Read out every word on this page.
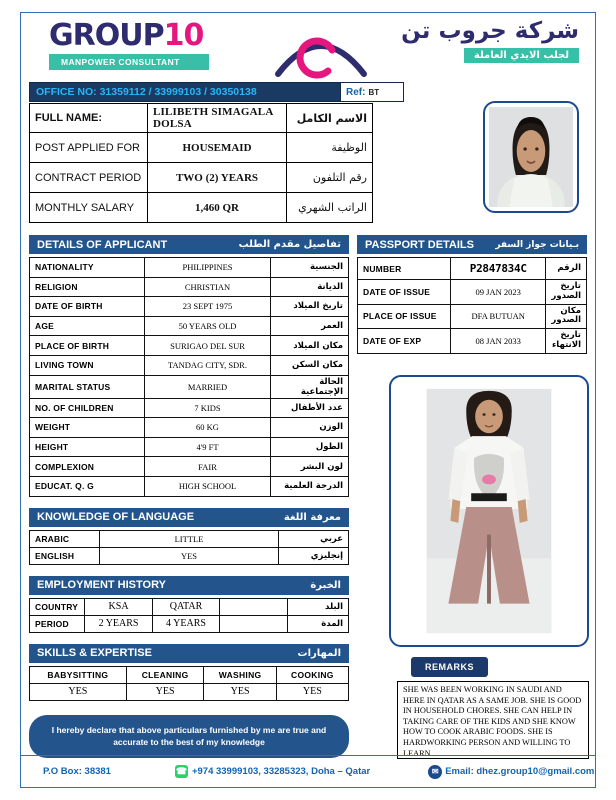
GROUP10
MANPOWER CONSULTANT
شركة جروب تن
لجلب الايدي العاملة
OFFICE NO: 31359112 / 33999103 / 30350138	Ref: BT
FULL NAME:	LILIBETH SIMAGALA DOLSA	الاسم الكامل
POST APPLIED FOR	HOUSEMAID	الوظيفة
CONTRACT PERIOD	TWO (2) YEARS	رقم التلفون
MONTHLY SALARY	1,460 QR	الراتب الشهري
DETAILS OF APPLICANT	تفاصيل مقدم الطلب
NATIONALITY	PHILIPPINES	الجنسية
RELIGION	CHRISTIAN	الديانة
DATE OF BIRTH	23 SEPT 1975	تاريخ الميلاد
AGE	50 YEARS OLD	العمر
PLACE OF BIRTH	SURIGAO DEL SUR	مكان الميلاد
LIVING TOWN	TANDAG CITY, SDR.	مكان السكن
MARITAL STATUS	MARRIED	الحالة الإجتماعية
NO. OF CHILDREN	7 KIDS	عدد الأطفال
WEIGHT	60 KG	الوزن
HEIGHT	4'9 FT	الطول
COMPLEXION	FAIR	لون البشر
EDUCAT. Q. G	HIGH SCHOOL	الدرجة العلمية
KNOWLEDGE OF LANGUAGE	معرفة اللغة
ARABIC	LITTLE	عربي
ENGLISH	YES	إنجليزي
EMPLOYMENT HISTORY	الخبرة
COUNTRY	KSA	QATAR		البلد
PERIOD	2 YEARS	4 YEARS		المدة
SKILLS & EXPERTISE	المهارات
BABYSITTING	CLEANING	WASHING	COOKING
YES	YES	YES	YES
I hereby declare that above particulars furnished by me are true and accurate to the best of my knowledge
PASSPORT DETAILS بـيانات جواز السفر
NUMBER	P2847834C	الرقم
DATE OF ISSUE	09 JAN 2023	تاريخ الصدور
PLACE OF ISSUE	DFA BUTUAN	مكان الصدور
DATE OF EXP	08 JAN 2033	تاريخ الانتهاء
REMARKS
SHE WAS BEEN WORKING IN SAUDI AND HERE IN QATAR AS A SAME JOB. SHE IS GOOD IN HOUSEHOLD CHORES. SHE CAN HELP IN TAKING CARE OF THE KIDS AND SHE KNOW HOW TO COOK ARABIC FOODS. SHE IS HARDWORKING PERSON AND WILLING TO LEARN.
P.O Box: 38381	☎ +974 33999103, 33285323, Doha – Qatar	✉ Email: dhez.group10@gmail.com
